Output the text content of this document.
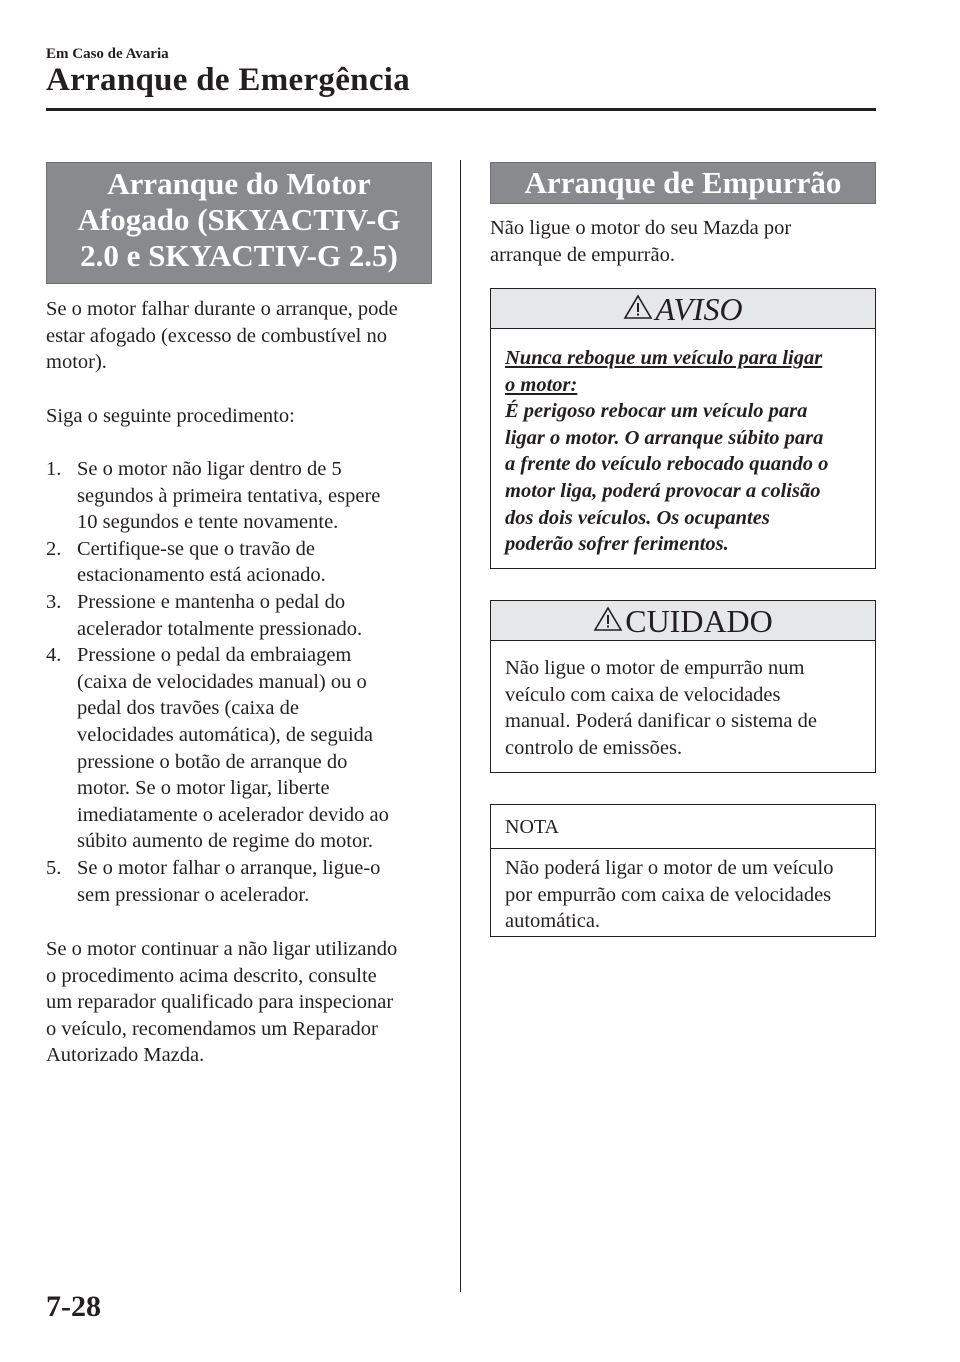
Em Caso de Avaria
Arranque de Emergência
Arranque do Motor
Afogado (SKYACTIV-G
2.0 e SKYACTIV-G 2.5)

Se o motor falhar durante o arranque, pode
estar afogado (excesso de combustível no
motor).

Siga o seguinte procedimento:

1. Se o motor não ligar dentro de 5
segundos à primeira tentativa, espere
10 segundos e tente novamente.
2. Certifique-se que o travão de
estacionamento está acionado.
3. Pressione e mantenha o pedal do
acelerador totalmente pressionado.
4. Pressione o pedal da embraiagem
(caixa de velocidades manual) ou o
pedal dos travões (caixa de
velocidades automática), de seguida
pressione o botão de arranque do
motor. Se o motor ligar, liberte
imediatamente o acelerador devido ao
súbito aumento de regime do motor.
5. Se o motor falhar o arranque, ligue-o
sem pressionar o acelerador.

Se o motor continuar a não ligar utilizando
o procedimento acima descrito, consulte
um reparador qualificado para inspecionar
o veículo, recomendamos um Reparador
Autorizado Mazda.

Arranque de Empurrão

Não ligue o motor do seu Mazda por
arranque de empurrão.

AVISO
Nunca reboque um veículo para ligar
o motor:
É perigoso rebocar um veículo para
ligar o motor. O arranque súbito para
a frente do veículo rebocado quando o
motor liga, poderá provocar a colisão
dos dois veículos. Os ocupantes
poderão sofrer ferimentos.
CUIDADO
Não ligue o motor de empurrão num
veículo com caixa de velocidades
manual. Poderá danificar o sistema de
controlo de emissões.
NOTA
Não poderá ligar o motor de um veículo
por empurrão com caixa de velocidades
automática.
7-28
